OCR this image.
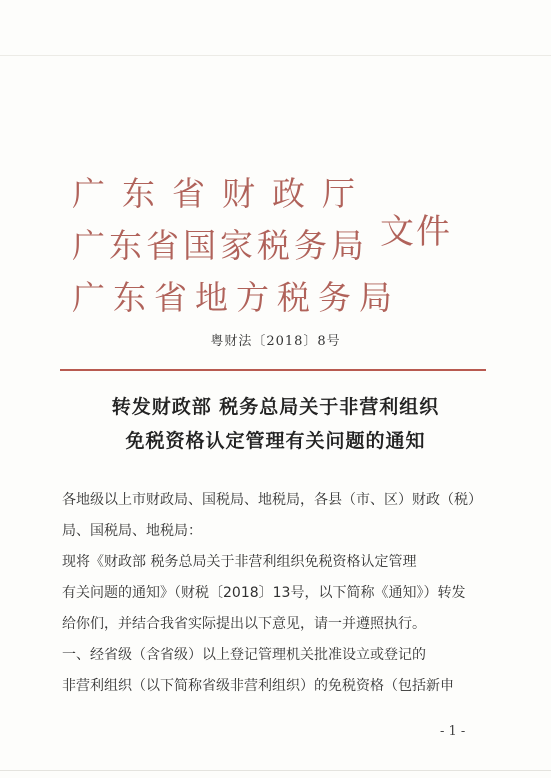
广东省财政厅
广东省国家税务局
广东省地方税务局
文件
粤财法〔2018〕8号
转发财政部 税务总局关于非营利组织
免税资格认定管理有关问题的通知
各地级以上市财政局、国税局、地税局，各县（市、区）财政（税）
局、国税局、地税局：
现将《财政部 税务总局关于非营利组织免税资格认定管理
有关问题的通知》（财税〔2018〕13号，以下简称《通知》）转发
给你们，并结合我省实际提出以下意见，请一并遵照执行。
一、经省级（含省级）以上登记管理机关批准设立或登记的
非营利组织（以下简称省级非营利组织）的免税资格（包括新申
- 1 -
